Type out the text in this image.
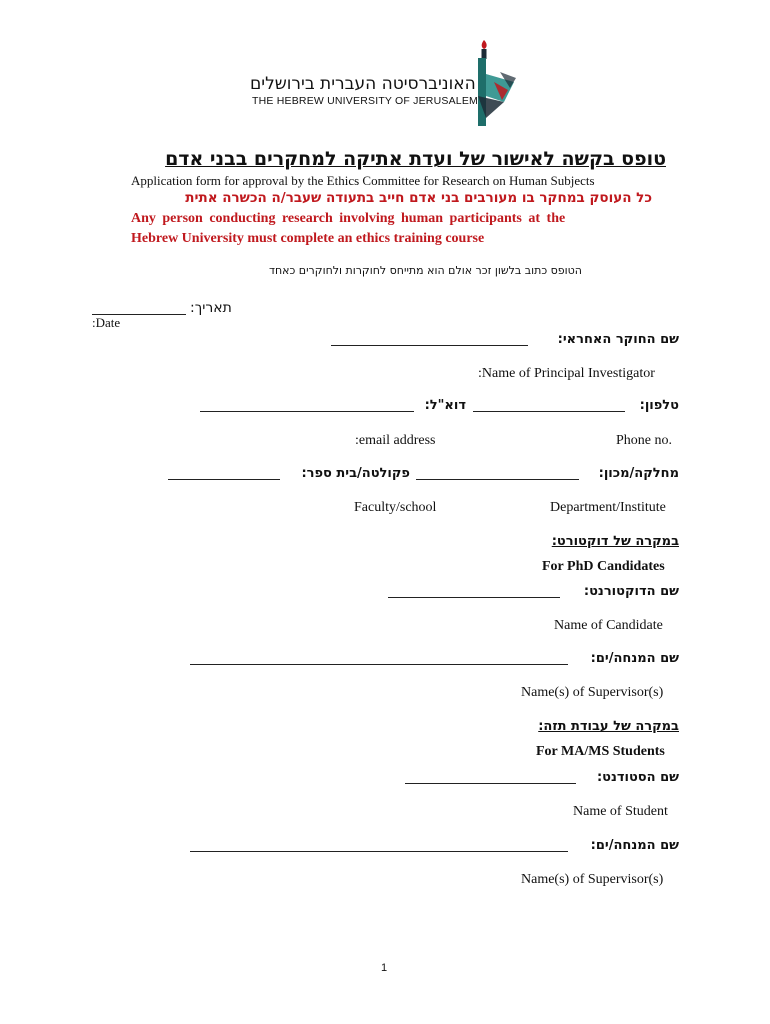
האוניברסיטה העברית בירושלים
THE HEBREW UNIVERSITY OF JERUSALEM
טופס בקשה לאישור של ועדת אתיקה למחקרים בבני אדם
Application form for approval by the Ethics Committee for Research on Human Subjects
כל העוסק במחקר בו מעורבים בני אדם חייב בתעודה שעבר/ה הכשרה אתית
Any person conducting research involving human participants at the
Hebrew University must complete an ethics training course
הטופס כתוב בלשון זכר אולם הוא מתייחס לחוקרות ולחוקרים כאחד
תאריך:
:Date
שם החוקר האחראי:
:Name of Principal Investigator
טלפון:
דוא"ל:
Phone no.
:email address
מחלקה/מכון:
פקולטה/בית ספר:
Department/Institute
Faculty/school
במקרה של דוקטורט:
For PhD Candidates
שם הדוקטורנט:
Name of Candidate
שם המנחה/ים:
Name(s) of Supervisor(s)
במקרה של עבודת תזה:
For MA/MS Students
שם הסטודנט:
Name of Student
שם המנחה/ים:
Name(s) of Supervisor(s)
1
